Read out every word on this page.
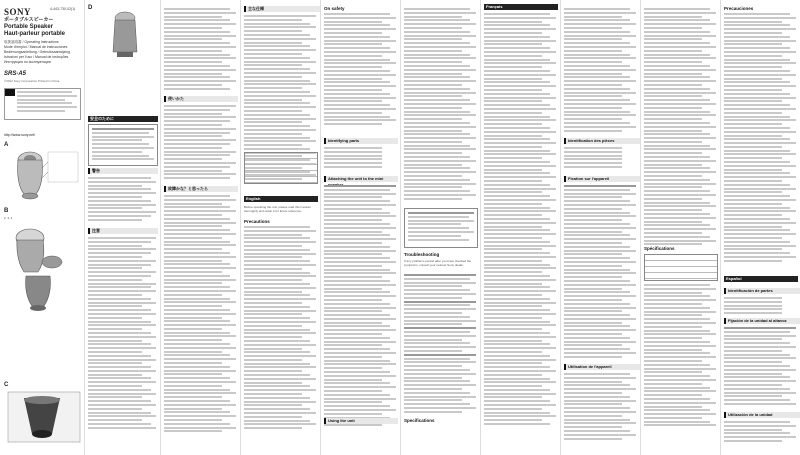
SONY	4-443-730-02(1)
ポータブルスピーカー
Portable Speaker
Haut-parleur portable
取扱説明書 / Operating Instructions
Mode d'emploi / Manual de instrucciones
Bedienungsanleitung / Gebruiksaanwijzing
Istruzioni per l'uso / Manual de instruções
Инструкция по эксплуатации
SRS-A5
©2012 Sony Corporation Printed in China
http://www.sony.net/
A
B
2, 3, 4
C
D
安全のために
警告
注意
使いかた
故障かな？と思ったら
主な仕様
English
Before operating the unit, please read this manual thoroughly and retain it for future reference.
Precautions
On safety
Identifying parts
Attaching the unit to the mini
Using the unit
Troubleshooting
If any problems persist after you have checked the symptoms, consult your nearest Sony dealer.
Specifications
Français
Identification des pièces
Fixation sur l'appareil
Utilisation de l'appareil
Spécifications
Precauciones
Español
Identificación de partes
Fijación de la unidad al altavoz
Utilización de la unidad
